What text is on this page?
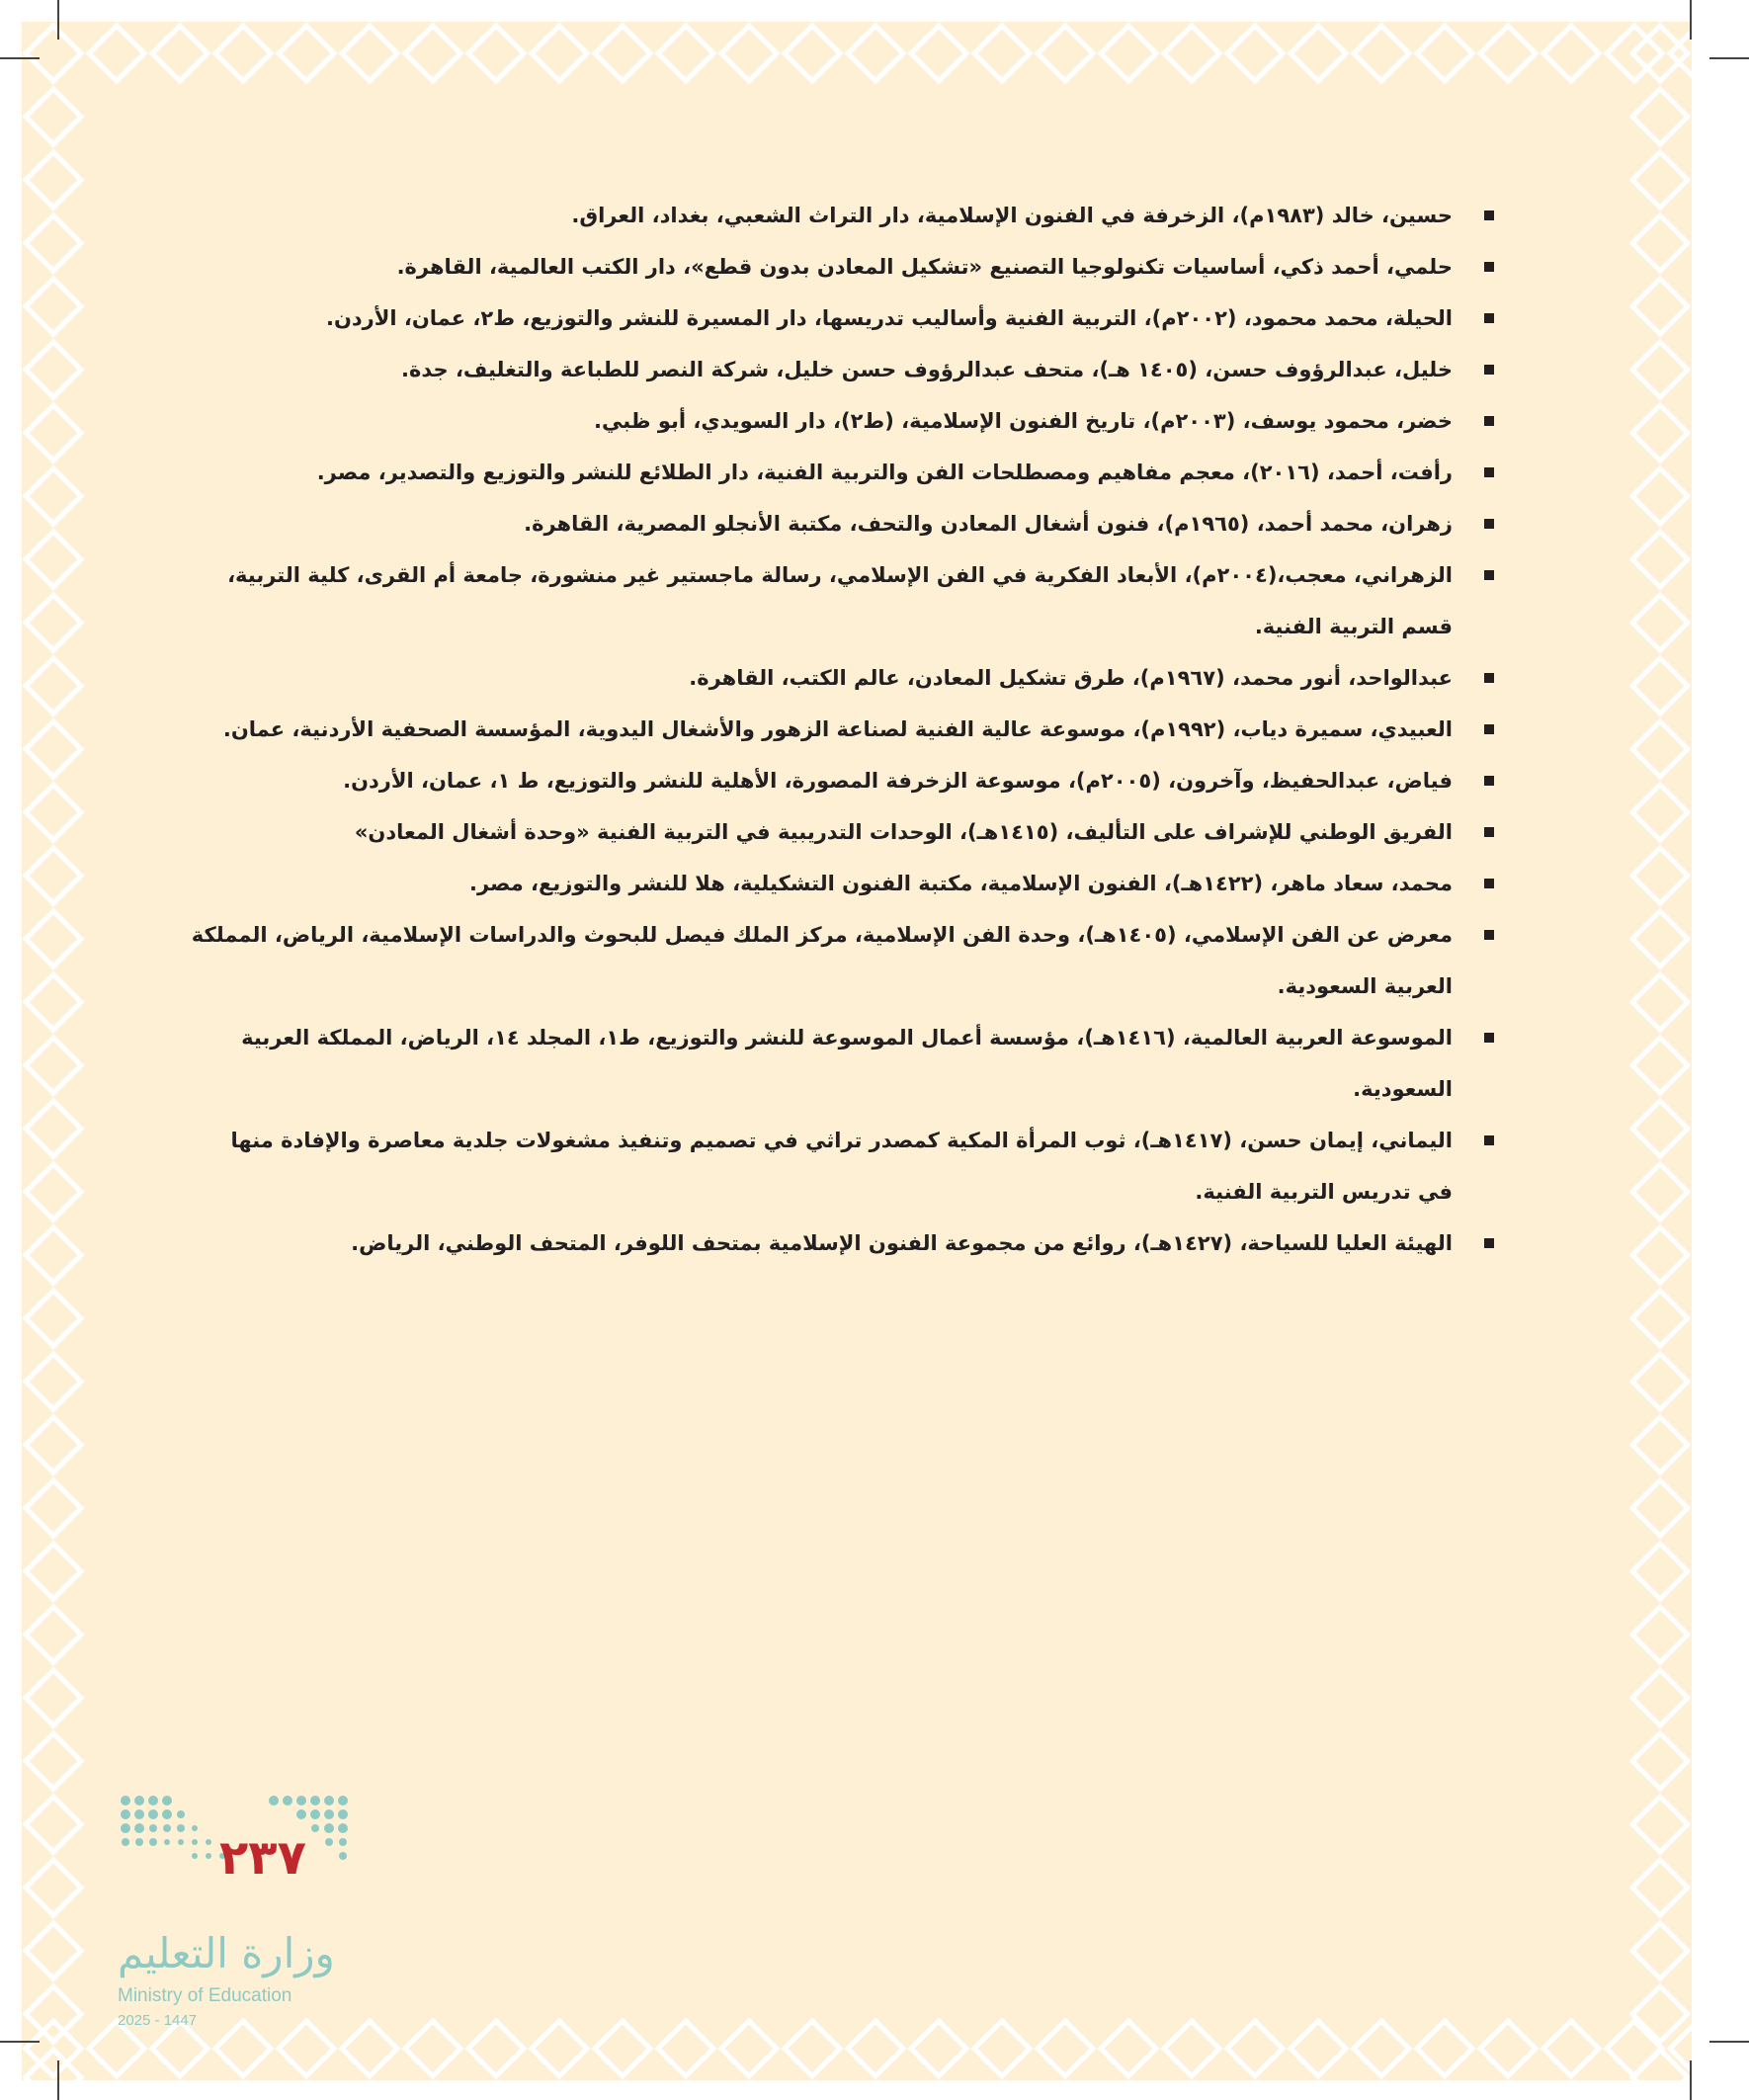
حسين، خالد (١٩٨٣م)، الزخرفة في الفنون الإسلامية، دار التراث الشعبي، بغداد، العراق.
حلمي، أحمد ذكي، أساسيات تكنولوجيا التصنيع «تشكيل المعادن بدون قطع»، دار الكتب العالمية، القاهرة.
الحيلة، محمد محمود، (٢٠٠٢م)، التربية الفنية وأساليب تدريسها، دار المسيرة للنشر والتوزيع، ط٢، عمان، الأردن.
خليل، عبدالرؤوف حسن، (١٤٠٥ هـ)، متحف عبدالرؤوف حسن خليل، شركة النصر للطباعة والتغليف، جدة.
خضر، محمود يوسف، (٢٠٠٣م)، تاريخ الفنون الإسلامية، (ط٢)، دار السويدي، أبو ظبي.
رأفت، أحمد، (٢٠١٦)، معجم مفاهيم ومصطلحات الفن والتربية الفنية، دار الطلائع للنشر والتوزيع والتصدير، مصر.
زهران، محمد أحمد، (١٩٦٥م)، فنون أشغال المعادن والتحف، مكتبة الأنجلو المصرية، القاهرة.
الزهراني، معجب،(٢٠٠٤م)، الأبعاد الفكرية في الفن الإسلامي، رسالة ماجستير غير منشورة، جامعة أم القرى، كلية التربية، قسم التربية الفنية.
عبدالواحد، أنور محمد، (١٩٦٧م)، طرق تشكيل المعادن، عالم الكتب، القاهرة.
العبيدي، سميرة دياب، (١٩٩٢م)، موسوعة عالية الفنية لصناعة الزهور والأشغال اليدوية، المؤسسة الصحفية الأردنية، عمان.
فياض، عبدالحفيظ، وآخرون، (٢٠٠٥م)، موسوعة الزخرفة المصورة، الأهلية للنشر والتوزيع، ط ١، عمان، الأردن.
الفريق الوطني للإشراف على التأليف، (١٤١٥هـ)، الوحدات التدريبية في التربية الفنية «وحدة أشغال المعادن»
محمد، سعاد ماهر، (١٤٢٢هـ)، الفنون الإسلامية، مكتبة الفنون التشكيلية، هلا للنشر والتوزيع، مصر.
معرض عن الفن الإسلامي، (١٤٠٥هـ)، وحدة الفن الإسلامية، مركز الملك فيصل للبحوث والدراسات الإسلامية، الرياض، المملكة العربية السعودية.
الموسوعة العربية العالمية، (١٤١٦هـ)، مؤسسة أعمال الموسوعة للنشر والتوزيع، ط١، المجلد ١٤، الرياض، المملكة العربية السعودية.
اليماني، إيمان حسن، (١٤١٧هـ)، ثوب المرأة المكية كمصدر تراثي في تصميم وتنفيذ مشغولات جلدية معاصرة والإفادة منها في تدريس التربية الفنية.
الهيئة العليا للسياحة، (١٤٢٧هـ)، روائع من مجموعة الفنون الإسلامية بمتحف اللوفر، المتحف الوطني، الرياض.
٢٣٧
وزارة التعليم
Ministry of Education
2025 - 1447
